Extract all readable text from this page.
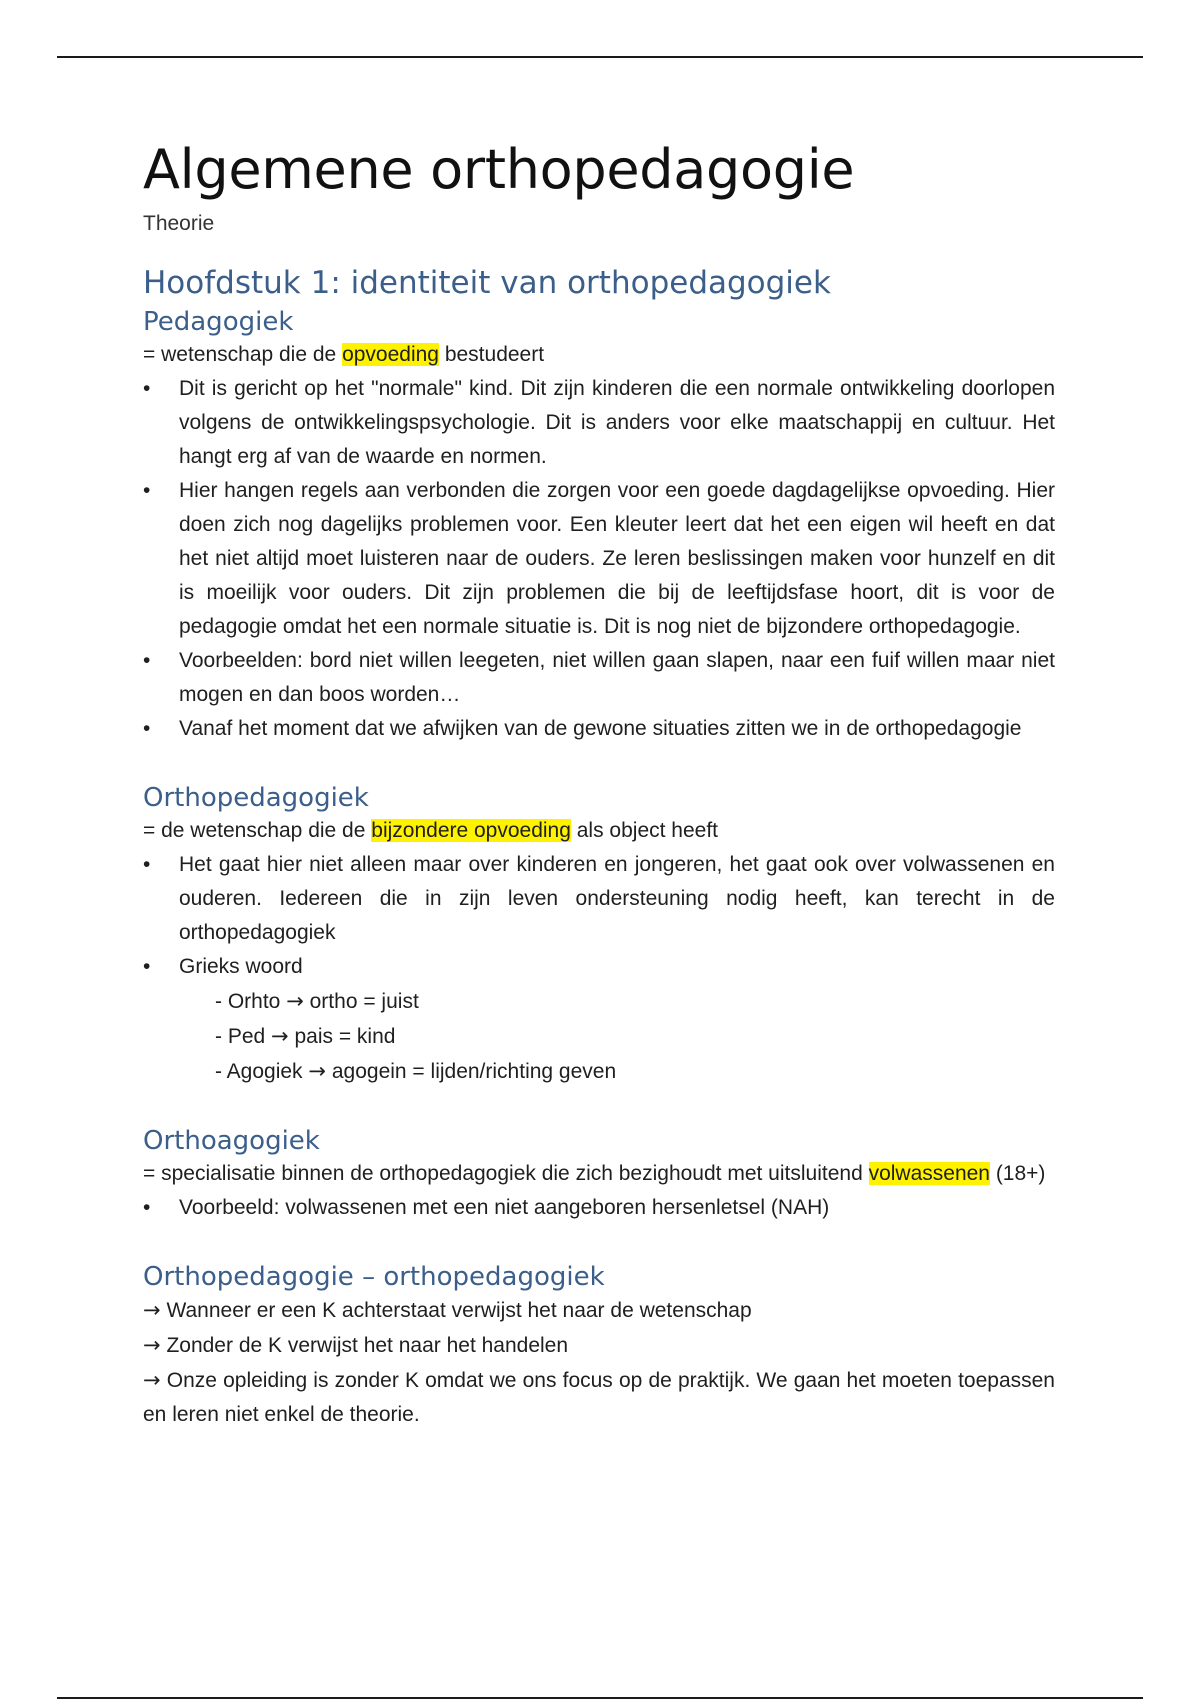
Algemene orthopedagogie

Theorie

Hoofdstuk 1: identiteit van orthopedagogiek
Pedagogiek

= wetenschap die de opvoeding bestudeert

• Dit is gericht op het "normale" kind. Dit zijn kinderen die een normale ontwikkeling doorlopen volgens de ontwikkelingspsychologie. Dit is anders voor elke maatschappij en cultuur. Het hangt erg af van de waarde en normen.
• Hier hangen regels aan verbonden die zorgen voor een goede dagdagelijkse opvoeding. Hier doen zich nog dagelijks problemen voor. Een kleuter leert dat het een eigen wil heeft en dat het niet altijd moet luisteren naar de ouders. Ze leren beslissingen maken voor hunzelf en dit is moeilijk voor ouders. Dit zijn problemen die bij de leeftijdsfase hoort, dit is voor de pedagogie omdat het een normale situatie is. Dit is nog niet de bijzondere orthopedagogie.
• Voorbeelden: bord niet willen leegeten, niet willen gaan slapen, naar een fuif willen maar niet mogen en dan boos worden…
• Vanaf het moment dat we afwijken van de gewone situaties zitten we in de orthopedagogie
Orthopedagogiek

= de wetenschap die de bijzondere opvoeding als object heeft

• Het gaat hier niet alleen maar over kinderen en jongeren, het gaat ook over volwassenen en ouderen. Iedereen die in zijn leven ondersteuning nodig heeft, kan terecht in de orthopedagogiek
• Grieks woord
- Orhto → ortho = juist
- Ped → pais = kind
- Agogiek → agogein = lijden/richting geven
Orthoagogiek

= specialisatie binnen de orthopedagogiek die zich bezighoudt met uitsluitend volwassenen (18+)

• Voorbeeld: volwassenen met een niet aangeboren hersenletsel (NAH)
Orthopedagogie – orthopedagogiek

→ Wanneer er een K achterstaat verwijst het naar de wetenschap

→ Zonder de K verwijst het naar het handelen

→ Onze opleiding is zonder K omdat we ons focus op de praktijk. We gaan het moeten toepassen en leren niet enkel de theorie.
